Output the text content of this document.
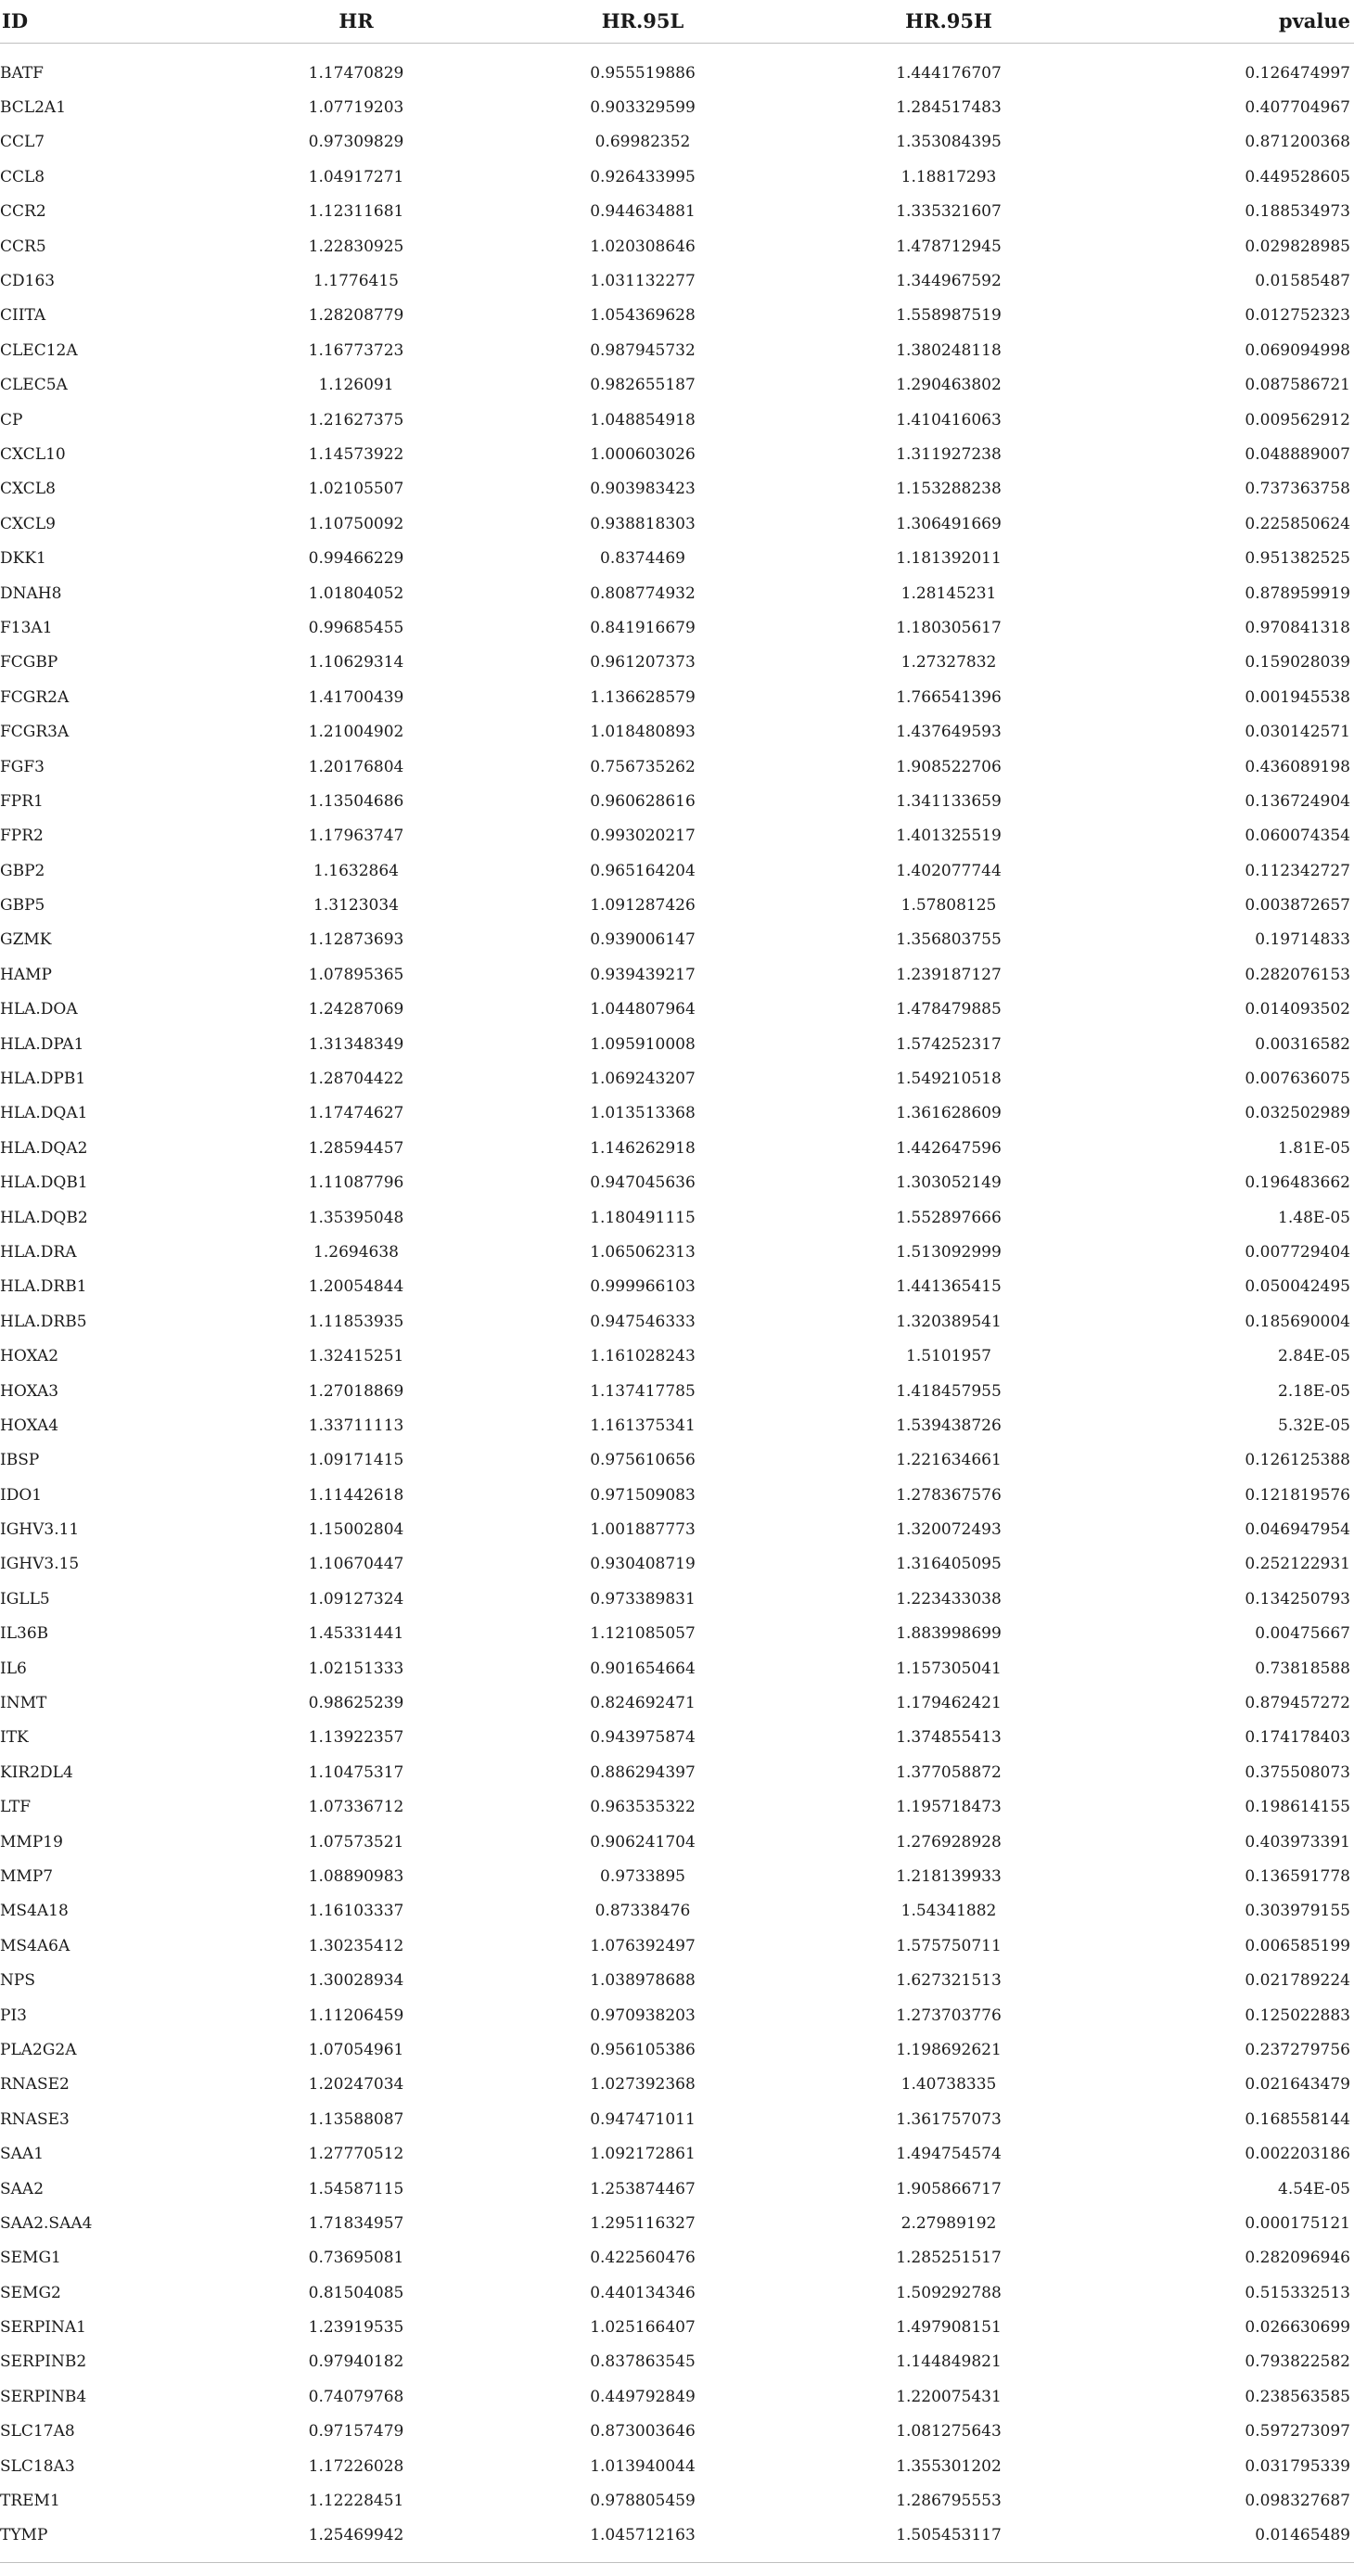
ID	HR	HR.95L	HR.95H	pvalue
BATF	1.17470829	0.955519886	1.444176707	0.126474997
BCL2A1	1.07719203	0.903329599	1.284517483	0.407704967
CCL7	0.97309829	0.69982352	1.353084395	0.871200368
CCL8	1.04917271	0.926433995	1.18817293	0.449528605
CCR2	1.12311681	0.944634881	1.335321607	0.188534973
CCR5	1.22830925	1.020308646	1.478712945	0.029828985
CD163	1.1776415	1.031132277	1.344967592	0.01585487
CIITA	1.28208779	1.054369628	1.558987519	0.012752323
CLEC12A	1.16773723	0.987945732	1.380248118	0.069094998
CLEC5A	1.126091	0.982655187	1.290463802	0.087586721
CP	1.21627375	1.048854918	1.410416063	0.009562912
CXCL10	1.14573922	1.000603026	1.311927238	0.048889007
CXCL8	1.02105507	0.903983423	1.153288238	0.737363758
CXCL9	1.10750092	0.938818303	1.306491669	0.225850624
DKK1	0.99466229	0.8374469	1.181392011	0.951382525
DNAH8	1.01804052	0.808774932	1.28145231	0.878959919
F13A1	0.99685455	0.841916679	1.180305617	0.970841318
FCGBP	1.10629314	0.961207373	1.27327832	0.159028039
FCGR2A	1.41700439	1.136628579	1.766541396	0.001945538
FCGR3A	1.21004902	1.018480893	1.437649593	0.030142571
FGF3	1.20176804	0.756735262	1.908522706	0.436089198
FPR1	1.13504686	0.960628616	1.341133659	0.136724904
FPR2	1.17963747	0.993020217	1.401325519	0.060074354
GBP2	1.1632864	0.965164204	1.402077744	0.112342727
GBP5	1.3123034	1.091287426	1.57808125	0.003872657
GZMK	1.12873693	0.939006147	1.356803755	0.19714833
HAMP	1.07895365	0.939439217	1.239187127	0.282076153
HLA.DOA	1.24287069	1.044807964	1.478479885	0.014093502
HLA.DPA1	1.31348349	1.095910008	1.574252317	0.00316582
HLA.DPB1	1.28704422	1.069243207	1.549210518	0.007636075
HLA.DQA1	1.17474627	1.013513368	1.361628609	0.032502989
HLA.DQA2	1.28594457	1.146262918	1.442647596	1.81E-05
HLA.DQB1	1.11087796	0.947045636	1.303052149	0.196483662
HLA.DQB2	1.35395048	1.180491115	1.552897666	1.48E-05
HLA.DRA	1.2694638	1.065062313	1.513092999	0.007729404
HLA.DRB1	1.20054844	0.999966103	1.441365415	0.050042495
HLA.DRB5	1.11853935	0.947546333	1.320389541	0.185690004
HOXA2	1.32415251	1.161028243	1.5101957	2.84E-05
HOXA3	1.27018869	1.137417785	1.418457955	2.18E-05
HOXA4	1.33711113	1.161375341	1.539438726	5.32E-05
IBSP	1.09171415	0.975610656	1.221634661	0.126125388
IDO1	1.11442618	0.971509083	1.278367576	0.121819576
IGHV3.11	1.15002804	1.001887773	1.320072493	0.046947954
IGHV3.15	1.10670447	0.930408719	1.316405095	0.252122931
IGLL5	1.09127324	0.973389831	1.223433038	0.134250793
IL36B	1.45331441	1.121085057	1.883998699	0.00475667
IL6	1.02151333	0.901654664	1.157305041	0.73818588
INMT	0.98625239	0.824692471	1.179462421	0.879457272
ITK	1.13922357	0.943975874	1.374855413	0.174178403
KIR2DL4	1.10475317	0.886294397	1.377058872	0.375508073
LTF	1.07336712	0.963535322	1.195718473	0.198614155
MMP19	1.07573521	0.906241704	1.276928928	0.403973391
MMP7	1.08890983	0.9733895	1.218139933	0.136591778
MS4A18	1.16103337	0.87338476	1.54341882	0.303979155
MS4A6A	1.30235412	1.076392497	1.575750711	0.006585199
NPS	1.30028934	1.038978688	1.627321513	0.021789224
PI3	1.11206459	0.970938203	1.273703776	0.125022883
PLA2G2A	1.07054961	0.956105386	1.198692621	0.237279756
RNASE2	1.20247034	1.027392368	1.40738335	0.021643479
RNASE3	1.13588087	0.947471011	1.361757073	0.168558144
SAA1	1.27770512	1.092172861	1.494754574	0.002203186
SAA2	1.54587115	1.253874467	1.905866717	4.54E-05
SAA2.SAA4	1.71834957	1.295116327	2.27989192	0.000175121
SEMG1	0.73695081	0.422560476	1.285251517	0.282096946
SEMG2	0.81504085	0.440134346	1.509292788	0.515332513
SERPINA1	1.23919535	1.025166407	1.497908151	0.026630699
SERPINB2	0.97940182	0.837863545	1.144849821	0.793822582
SERPINB4	0.74079768	0.449792849	1.220075431	0.238563585
SLC17A8	0.97157479	0.873003646	1.081275643	0.597273097
SLC18A3	1.17226028	1.013940044	1.355301202	0.031795339
TREM1	1.12228451	0.978805459	1.286795553	0.098327687
TYMP	1.25469942	1.045712163	1.505453117	0.01465489
